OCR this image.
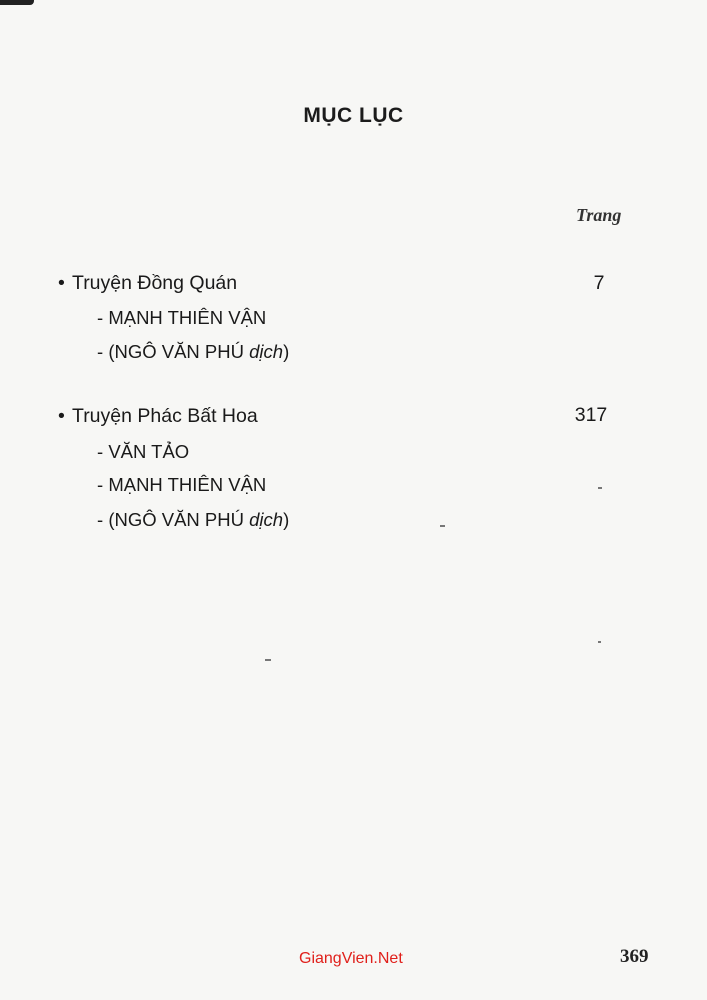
MỤC LỤC
Trang
• Truyện Đồng Quán	7
- MẠNH THIÊN VẬN
- (NGÔ VĂN PHÚ dịch)
• Truyện Phác Bất Hoa	317
- VĂN TẢO
- MẠNH THIÊN VẬN
- (NGÔ VĂN PHÚ dịch)
GiangVien.Net	369
